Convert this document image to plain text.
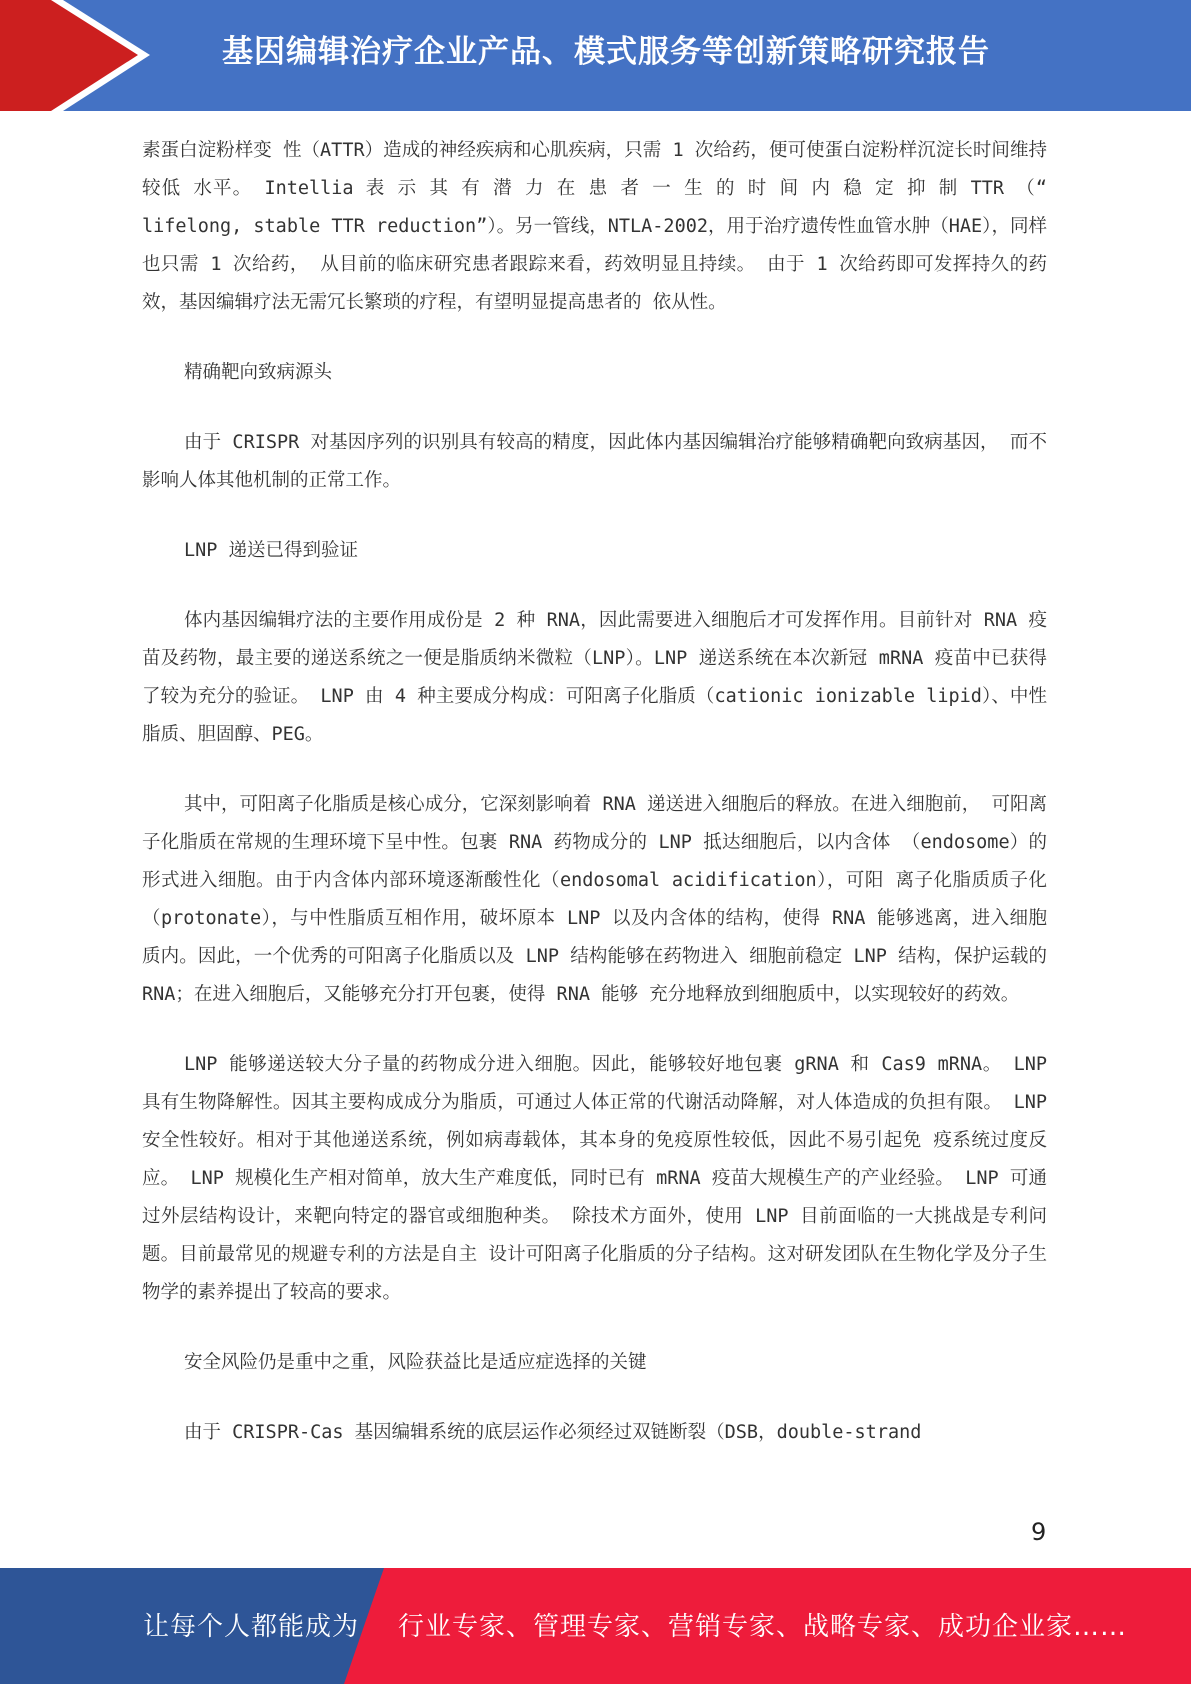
基因编辑治疗企业产品、模式服务等创新策略研究报告

素蛋白淀粉样变 性（ATTR）造成的神经疾病和心肌疾病，只需 1 次给药，便可使蛋白淀粉样沉淀长时间维持较低 水平。 Intellia 表 示 其 有 潜 力 在 患 者 一 生 的 时 间 内 稳 定 抑 制 TTR （“ lifelong, stable TTR reduction”）。另一管线，NTLA-2002，用于治疗遗传性血管水肿（HAE），同样也只需 1 次给药， 从目前的临床研究患者跟踪来看，药效明显且持续。 由于 1 次给药即可发挥持久的药效，基因编辑疗法无需冗长繁琐的疗程，有望明显提高患者的 依从性。

精确靶向致病源头

由于 CRISPR 对基因序列的识别具有较高的精度，因此体内基因编辑治疗能够精确靶向致病基因， 而不影响人体其他机制的正常工作。

LNP 递送已得到验证

体内基因编辑疗法的主要作用成份是 2 种 RNA，因此需要进入细胞后才可发挥作用。目前针对 RNA 疫苗及药物，最主要的递送系统之一便是脂质纳米微粒（LNP）。LNP 递送系统在本次新冠 mRNA 疫苗中已获得了较为充分的验证。 LNP 由 4 种主要成分构成：可阳离子化脂质（cationic ionizable lipid）、中性脂质、胆固醇、PEG。

其中，可阳离子化脂质是核心成分，它深刻影响着 RNA 递送进入细胞后的释放。在进入细胞前， 可阳离子化脂质在常规的生理环境下呈中性。包裹 RNA 药物成分的 LNP 抵达细胞后，以内含体 （endosome）的形式进入细胞。由于内含体内部环境逐渐酸性化（endosomal acidification），可阳 离子化脂质质子化（protonate），与中性脂质互相作用，破坏原本 LNP 以及内含体的结构，使得 RNA 能够逃离，进入细胞质内。因此，一个优秀的可阳离子化脂质以及 LNP 结构能够在药物进入 细胞前稳定 LNP 结构，保护运载的 RNA；在进入细胞后，又能够充分打开包裹，使得 RNA 能够 充分地释放到细胞质中，以实现较好的药效。

LNP 能够递送较大分子量的药物成分进入细胞。因此，能够较好地包裹 gRNA 和 Cas9 mRNA。 LNP 具有生物降解性。因其主要构成成分为脂质，可通过人体正常的代谢活动降解，对人体造成的负担有限。 LNP 安全性较好。相对于其他递送系统，例如病毒载体，其本身的免疫原性较低，因此不易引起免 疫系统过度反应。 LNP 规模化生产相对简单，放大生产难度低，同时已有 mRNA 疫苗大规模生产的产业经验。 LNP 可通过外层结构设计，来靶向特定的器官或细胞种类。 除技术方面外，使用 LNP 目前面临的一大挑战是专利问题。目前最常见的规避专利的方法是自主 设计可阳离子化脂质的分子结构。这对研发团队在生物化学及分子生物学的素养提出了较高的要求。

安全风险仍是重中之重，风险获益比是适应症选择的关键

由于 CRISPR-Cas 基因编辑系统的底层运作必须经过双链断裂（DSB，double-strand

9
让每个人都能成为 行业专家、管理专家、营销专家、战略专家、成功企业家……
